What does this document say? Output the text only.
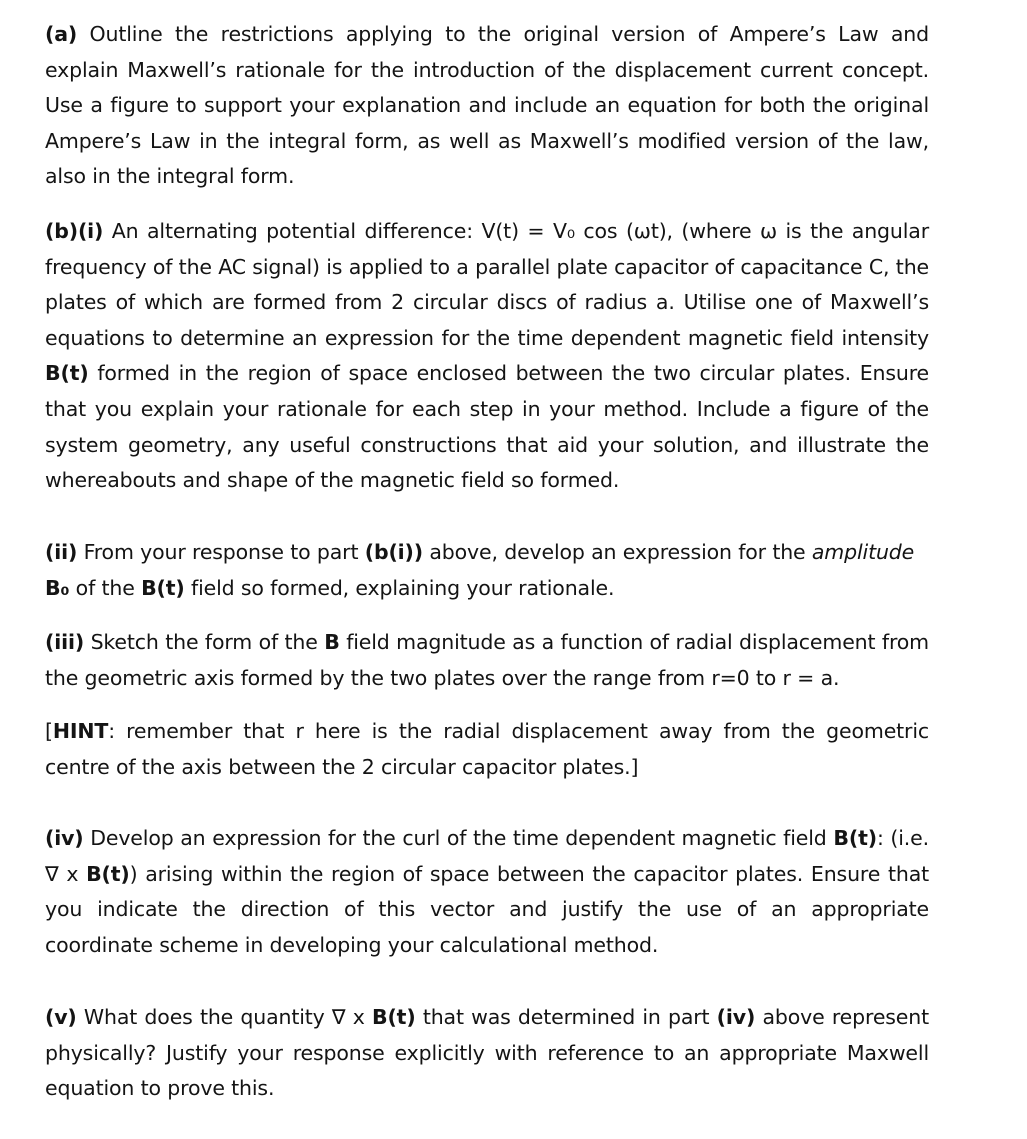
(a) Outline the restrictions applying to the original version of Ampere’s Law and explain Maxwell’s rationale for the introduction of the displacement current concept. Use a figure to support your explanation and include an equation for both the original Ampere’s Law in the integral form, as well as Maxwell’s modified version of the law, also in the integral form.

(b)(i) An alternating potential difference: V(t) = V₀ cos (ωt), (where ω is the angular frequency of the AC signal) is applied to a parallel plate capacitor of capacitance C, the plates of which are formed from 2 circular discs of radius a. Utilise one of Maxwell’s equations to determine an expression for the time dependent magnetic field intensity B(t) formed in the region of space enclosed between the two circular plates. Ensure that you explain your rationale for each step in your method. Include a figure of the system geometry, any useful constructions that aid your solution, and illustrate the whereabouts and shape of the magnetic field so formed.

(ii) From your response to part (b(i)) above, develop an expression for the amplitude
B₀ of the B(t) field so formed, explaining your rationale.

(iii) Sketch the form of the B field magnitude as a function of radial displacement from the geometric axis formed by the two plates over the range from r=0 to r = a.

[HINT: remember that r here is the radial displacement away from the geometric centre of the axis between the 2 circular capacitor plates.]

(iv) Develop an expression for the curl of the time dependent magnetic field B(t): (i.e. ∇ x B(t)) arising within the region of space between the capacitor plates. Ensure that you indicate the direction of this vector and justify the use of an appropriate coordinate scheme in developing your calculational method.

(v) What does the quantity ∇ x B(t) that was determined in part (iv) above represent physically? Justify your response explicitly with reference to an appropriate Maxwell equation to prove this.
